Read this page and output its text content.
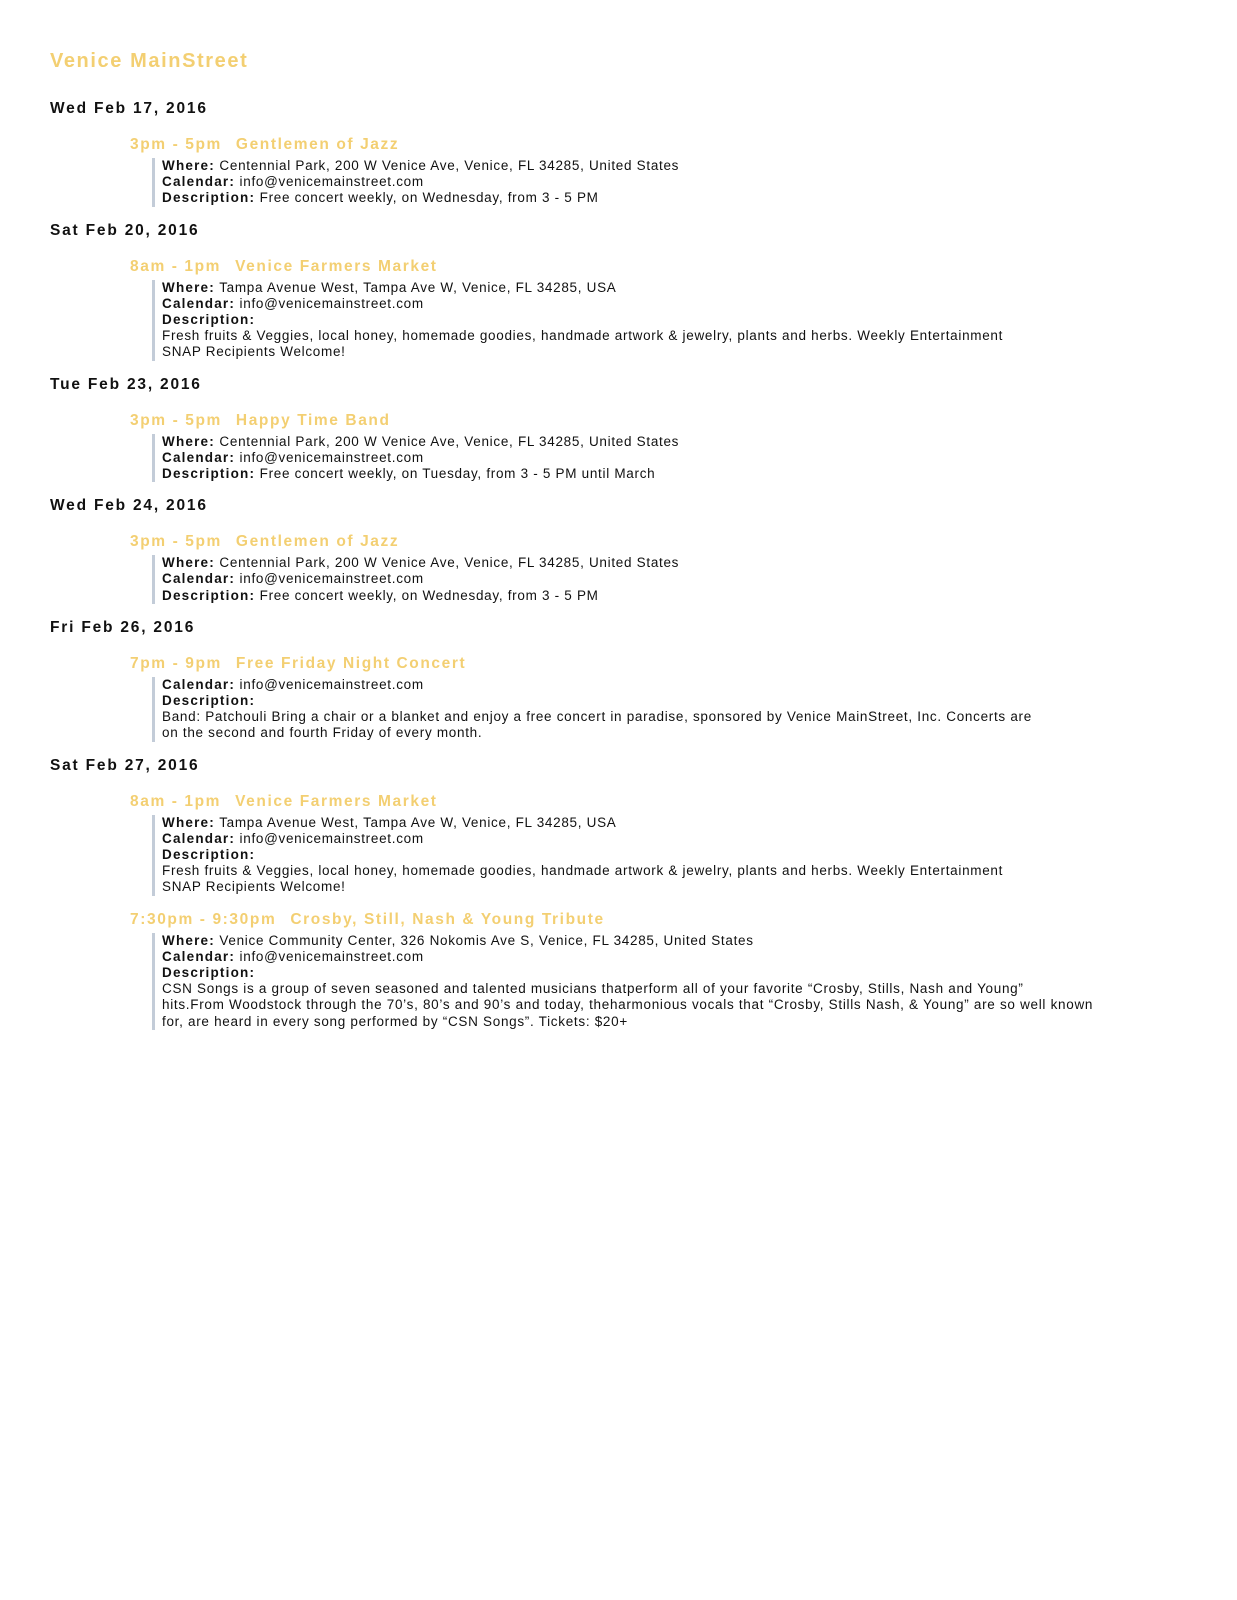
Venice MainStreet
Wed Feb 17, 2016
3pm - 5pm Gentlemen of Jazz
Where: Centennial Park, 200 W Venice Ave, Venice, FL 34285, United States
Calendar: info@venicemainstreet.com
Description: Free concert weekly, on Wednesday, from 3 - 5 PM
Sat Feb 20, 2016
8am - 1pm Venice Farmers Market
Where: Tampa Avenue West, Tampa Ave W, Venice, FL 34285, USA
Calendar: info@venicemainstreet.com
Description:
Fresh fruits & Veggies, local honey, homemade goodies, handmade artwork & jewelry, plants and herbs. Weekly Entertainment
SNAP Recipients Welcome!
Tue Feb 23, 2016
3pm - 5pm Happy Time Band
Where: Centennial Park, 200 W Venice Ave, Venice, FL 34285, United States
Calendar: info@venicemainstreet.com
Description: Free concert weekly, on Tuesday, from 3 - 5 PM until March
Wed Feb 24, 2016
3pm - 5pm Gentlemen of Jazz
Where: Centennial Park, 200 W Venice Ave, Venice, FL 34285, United States
Calendar: info@venicemainstreet.com
Description: Free concert weekly, on Wednesday, from 3 - 5 PM
Fri Feb 26, 2016
7pm - 9pm Free Friday Night Concert
Calendar: info@venicemainstreet.com
Description:
Band: Patchouli Bring a chair or a blanket and enjoy a free concert in paradise, sponsored by Venice MainStreet, Inc. Concerts are
on the second and fourth Friday of every month.
Sat Feb 27, 2016
8am - 1pm Venice Farmers Market
Where: Tampa Avenue West, Tampa Ave W, Venice, FL 34285, USA
Calendar: info@venicemainstreet.com
Description:
Fresh fruits & Veggies, local honey, homemade goodies, handmade artwork & jewelry, plants and herbs. Weekly Entertainment
SNAP Recipients Welcome!
7:30pm - 9:30pm Crosby, Still, Nash & Young Tribute
Where: Venice Community Center, 326 Nokomis Ave S, Venice, FL 34285, United States
Calendar: info@venicemainstreet.com
Description:
CSN Songs is a group of seven seasoned and talented musicians thatperform all of your favorite “Crosby, Stills, Nash and Young”
hits.From Woodstock through the 70’s, 80’s and 90’s and today, theharmonious vocals that “Crosby, Stills Nash, & Young” are so well known
for, are heard in every song performed by “CSN Songs”. Tickets: $20+
